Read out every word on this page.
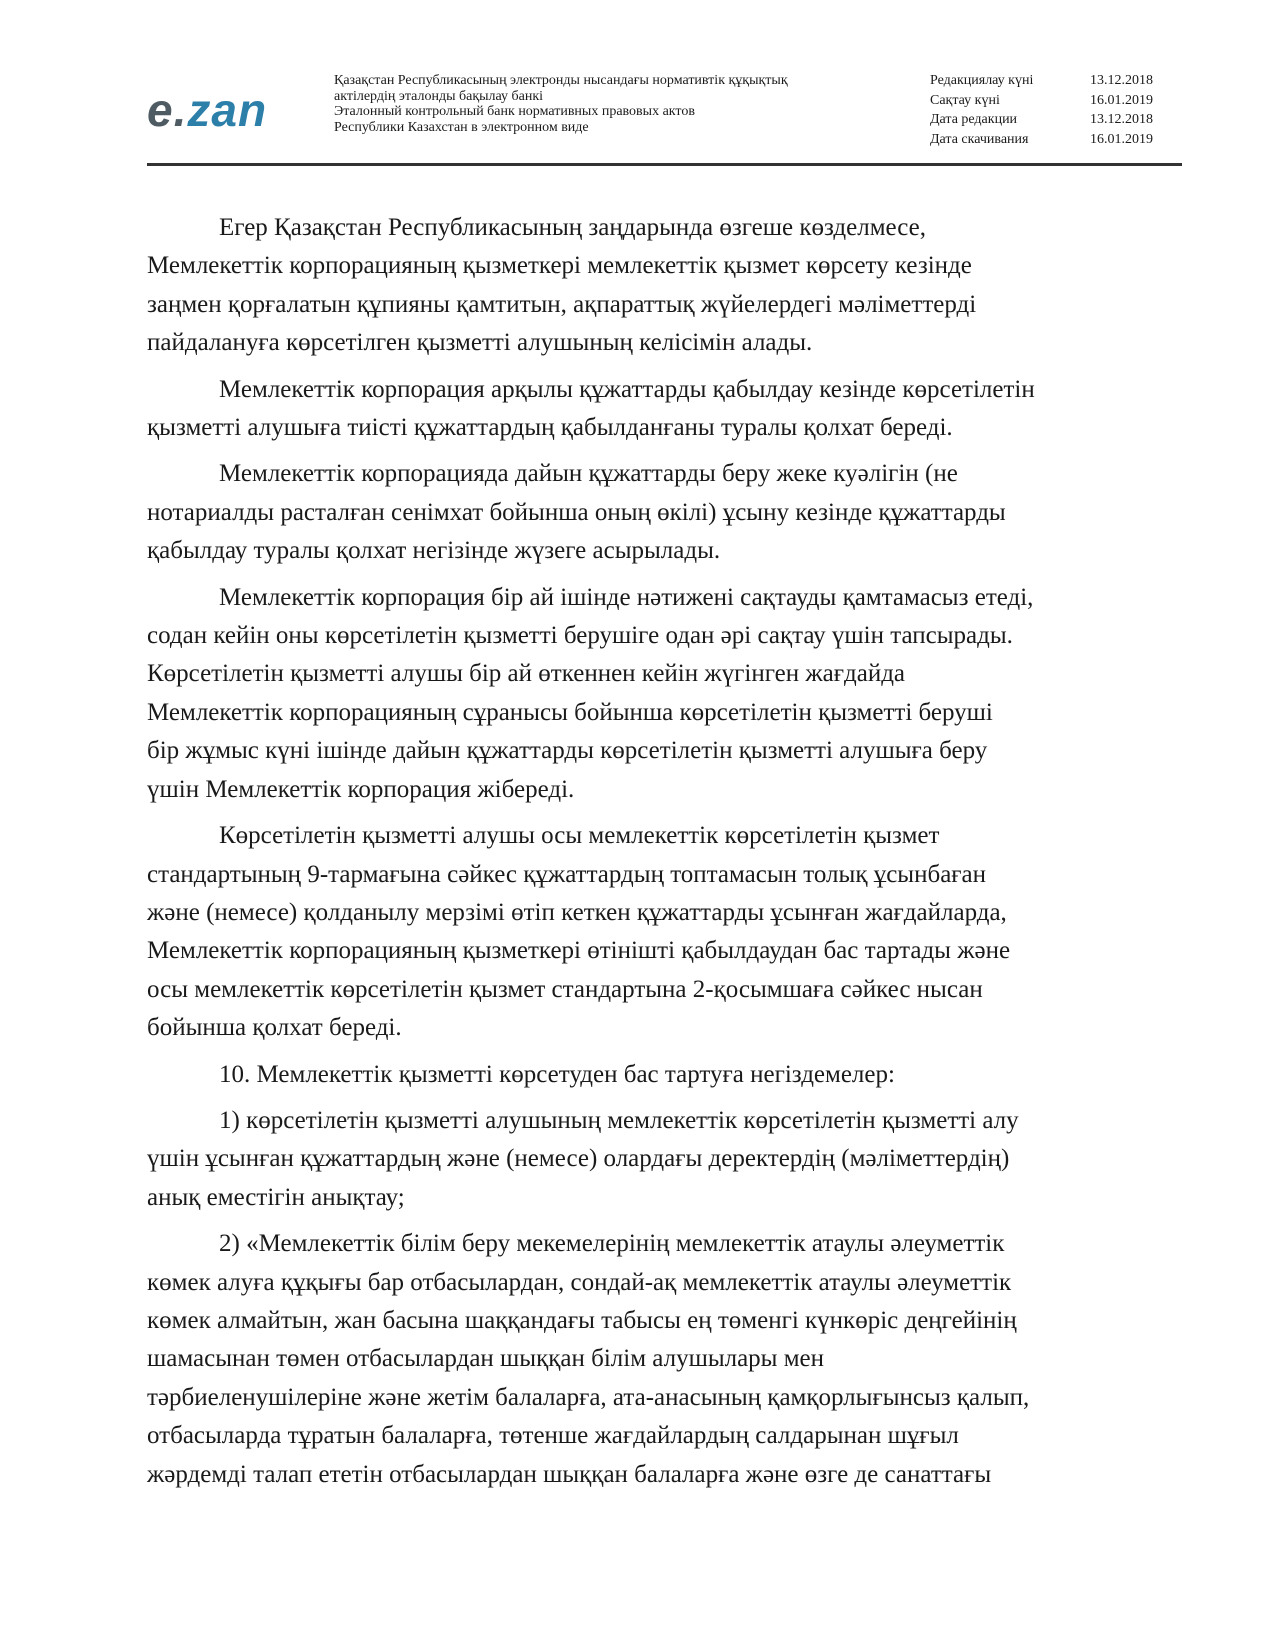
e.zan
Қазақстан Республикасының электронды нысандағы нормативтік құқықтық
актілердің эталонды бақылау банкі
Эталонный контрольный банк нормативных правовых актов
Республики Казахстан в электронном виде
Редакциялау күні	13.12.2018
Сақтау күні	16.01.2019
Дата редакции	13.12.2018
Дата скачивания	16.01.2019

Егер Қазақстан Республикасының заңдарында өзгеше көзделмесе,
Мемлекеттік корпорацияның қызметкері мемлекеттік қызмет көрсету кезінде
заңмен қорғалатын құпияны қамтитын, ақпараттық жүйелердегі мәліметтерді
пайдалануға көрсетілген қызметті алушының келісімін алады.

Мемлекеттік корпорация арқылы құжаттарды қабылдау кезінде көрсетілетін
қызметті алушыға тиісті құжаттардың қабылданғаны туралы қолхат береді.

Мемлекеттік корпорацияда дайын құжаттарды беру жеке куәлігін (не
нотариалды расталған сенімхат бойынша оның өкілі) ұсыну кезінде құжаттарды
қабылдау туралы қолхат негізінде жүзеге асырылады.

Мемлекеттік корпорация бір ай ішінде нәтижені сақтауды қамтамасыз етеді,
содан кейін оны көрсетілетін қызметті берушіге одан әрі сақтау үшін тапсырады.
Көрсетілетін қызметті алушы бір ай өткеннен кейін жүгінген жағдайда
Мемлекеттік корпорацияның сұранысы бойынша көрсетілетін қызметті беруші
бір жұмыс күні ішінде дайын құжаттарды көрсетілетін қызметті алушыға беру
үшін Мемлекеттік корпорация жібереді.

Көрсетілетін қызметті алушы осы мемлекеттік көрсетілетін қызмет
стандартының 9-тармағына сәйкес құжаттардың топтамасын толық ұсынбаған
және (немесе) қолданылу мерзімі өтіп кеткен құжаттарды ұсынған жағдайларда,
Мемлекеттік корпорацияның қызметкері өтінішті қабылдаудан бас тартады және
осы мемлекеттік көрсетілетін қызмет стандартына 2-қосымшаға сәйкес нысан
бойынша қолхат береді.

10. Мемлекеттік қызметті көрсетуден бас тартуға негіздемелер:

1) көрсетілетін қызметті алушының мемлекеттік көрсетілетін қызметті алу
үшін ұсынған құжаттардың және (немесе) олардағы деректердің (мәліметтердің)
анық еместігін анықтау;

2) «Мемлекеттік білім беру мекемелерінің мемлекеттік атаулы әлеуметтік
көмек алуға құқығы бар отбасылардан, сондай-ақ мемлекеттік атаулы әлеуметтік
көмек алмайтын, жан басына шаққандағы табысы ең төменгі күнкөріс деңгейінің
шамасынан төмен отбасылардан шыққан білім алушылары мен
тәрбиеленушілеріне және жетім балаларға, ата-анасының қамқорлығынсыз қалып,
отбасыларда тұратын балаларға, төтенше жағдайлардың салдарынан шұғыл
жәрдемді талап ететін отбасылардан шыққан балаларға және өзге де санаттағы
